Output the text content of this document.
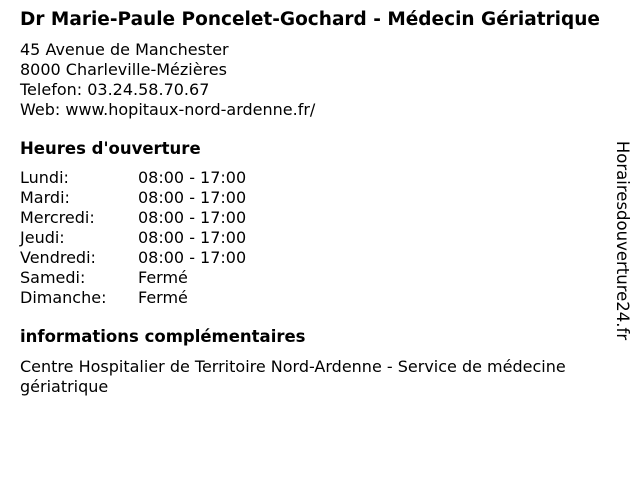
Dr Marie-Paule Poncelet-Gochard - Médecin Gériatrique
45 Avenue de Manchester
8000 Charleville-Mézières
Telefon: 03.24.58.70.67
Web: www.hopitaux-nord-ardenne.fr/
Heures d'ouverture
Lundi:	08:00 - 17:00
Mardi:	08:00 - 17:00
Mercredi:	08:00 - 17:00
Jeudi:	08:00 - 17:00
Vendredi:	08:00 - 17:00
Samedi:	Fermé
Dimanche:	Fermé
informations complémentaires
Centre Hospitalier de Territoire Nord-Ardenne - Service de médecine gériatrique
Horairesdouverture24.fr
